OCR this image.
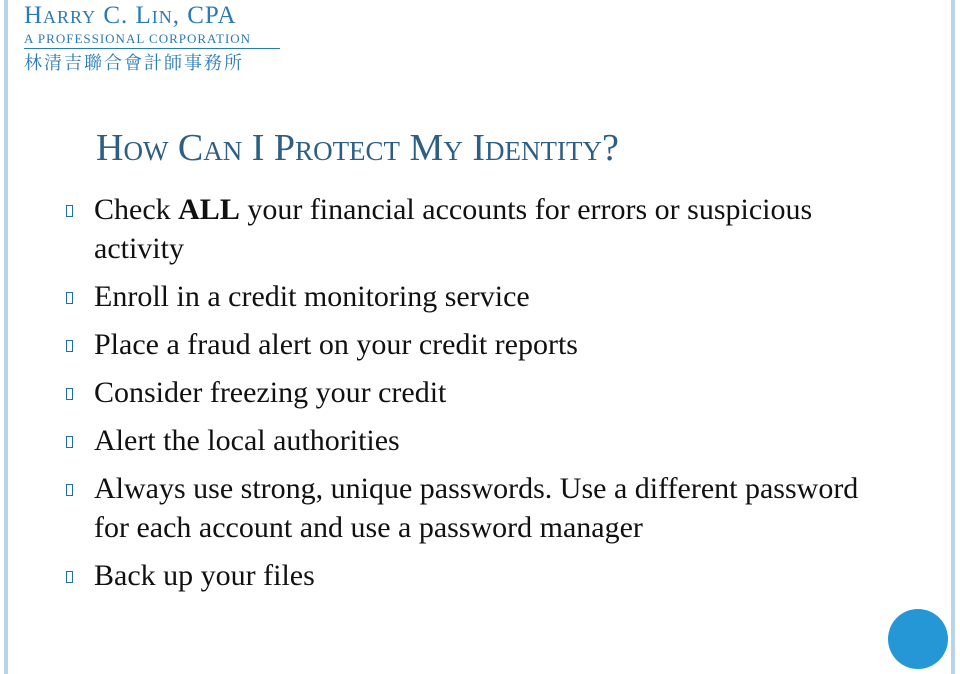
Harry C. Lin, CPA
A PROFESSIONAL CORPORATION
林清吉聯合會計師事務所
How Can I Protect My Identity?
Check ALL your financial accounts for errors or suspicious activity
Enroll in a credit monitoring service
Place a fraud alert on your credit reports
Consider freezing your credit
Alert the local authorities
Always use strong, unique passwords. Use a different password for each account and use a password manager
Back up your files
